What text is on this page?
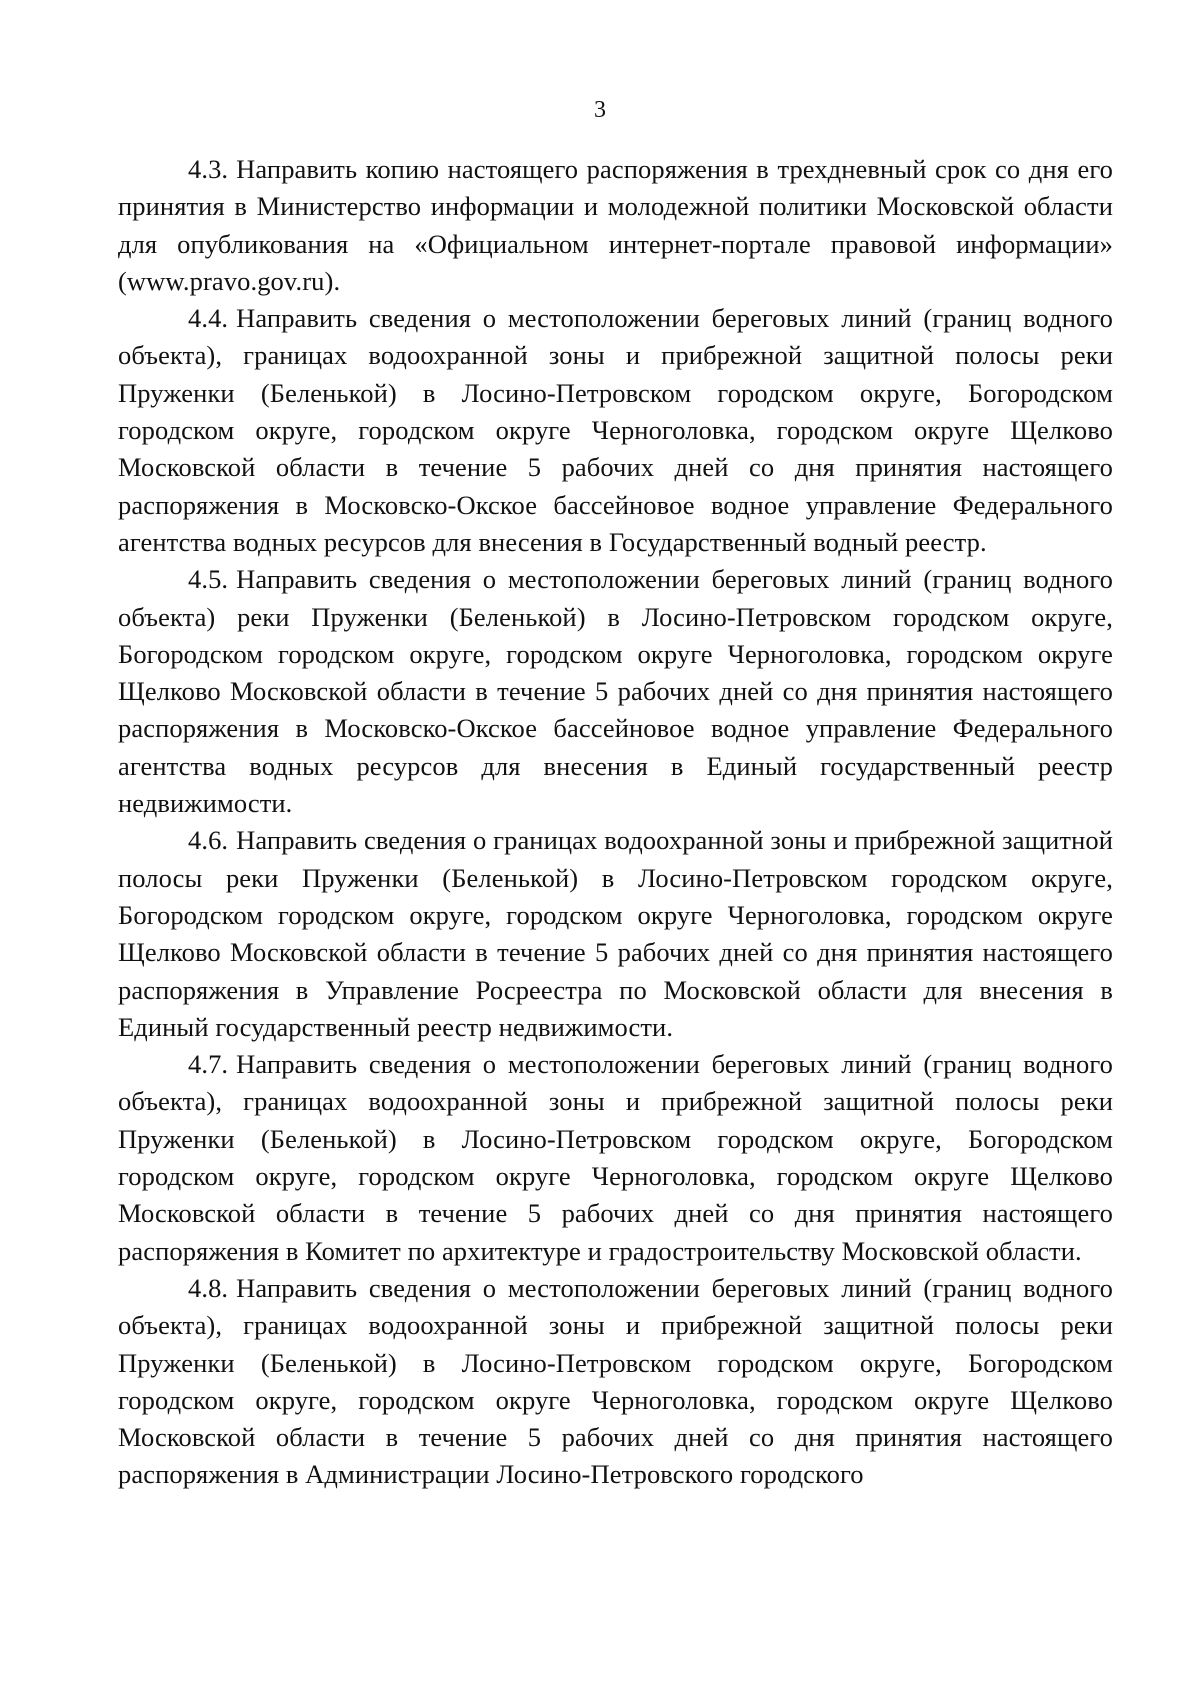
3

4.3. Направить копию настоящего распоряжения в трехдневный срок со дня его принятия в Министерство информации и молодежной политики Московской области для опубликования на «Официальном интернет-портале правовой информации» (www.pravo.gov.ru).

4.4. Направить сведения о местоположении береговых линий (границ водного объекта), границах водоохранной зоны и прибрежной защитной полосы реки Пруженки (Беленькой) в Лосино-Петровском городском округе, Богородском городском округе, городском округе Черноголовка, городском округе Щелково Московской области в течение 5 рабочих дней со дня принятия настоящего распоряжения в Московско-Окское бассейновое водное управление Федерального агентства водных ресурсов для внесения в Государственный водный реестр.

4.5. Направить сведения о местоположении береговых линий (границ водного объекта) реки Пруженки (Беленькой) в Лосино-Петровском городском округе, Богородском городском округе, городском округе Черноголовка, городском округе Щелково Московской области в течение 5 рабочих дней со дня принятия настоящего распоряжения в Московско-Окское бассейновое водное управление Федерального агентства водных ресурсов для внесения в Единый государственный реестр недвижимости.

4.6. Направить сведения о границах водоохранной зоны и прибрежной защитной полосы реки Пруженки (Беленькой) в Лосино-Петровском городском округе, Богородском городском округе, городском округе Черноголовка, городском округе Щелково Московской области в течение 5 рабочих дней со дня принятия настоящего распоряжения в Управление Росреестра по Московской области для внесения в Единый государственный реестр недвижимости.

4.7. Направить сведения о местоположении береговых линий (границ водного объекта), границах водоохранной зоны и прибрежной защитной полосы реки Пруженки (Беленькой) в Лосино-Петровском городском округе, Богородском городском округе, городском округе Черноголовка, городском округе Щелково Московской области в течение 5 рабочих дней со дня принятия настоящего распоряжения в Комитет по архитектуре и градостроительству Московской области.

4.8. Направить сведения о местоположении береговых линий (границ водного объекта), границах водоохранной зоны и прибрежной защитной полосы реки Пруженки (Беленькой) в Лосино-Петровском городском округе, Богородском городском округе, городском округе Черноголовка, городском округе Щелково Московской области в течение 5 рабочих дней со дня принятия настоящего распоряжения в Администрации Лосино-Петровского городского
